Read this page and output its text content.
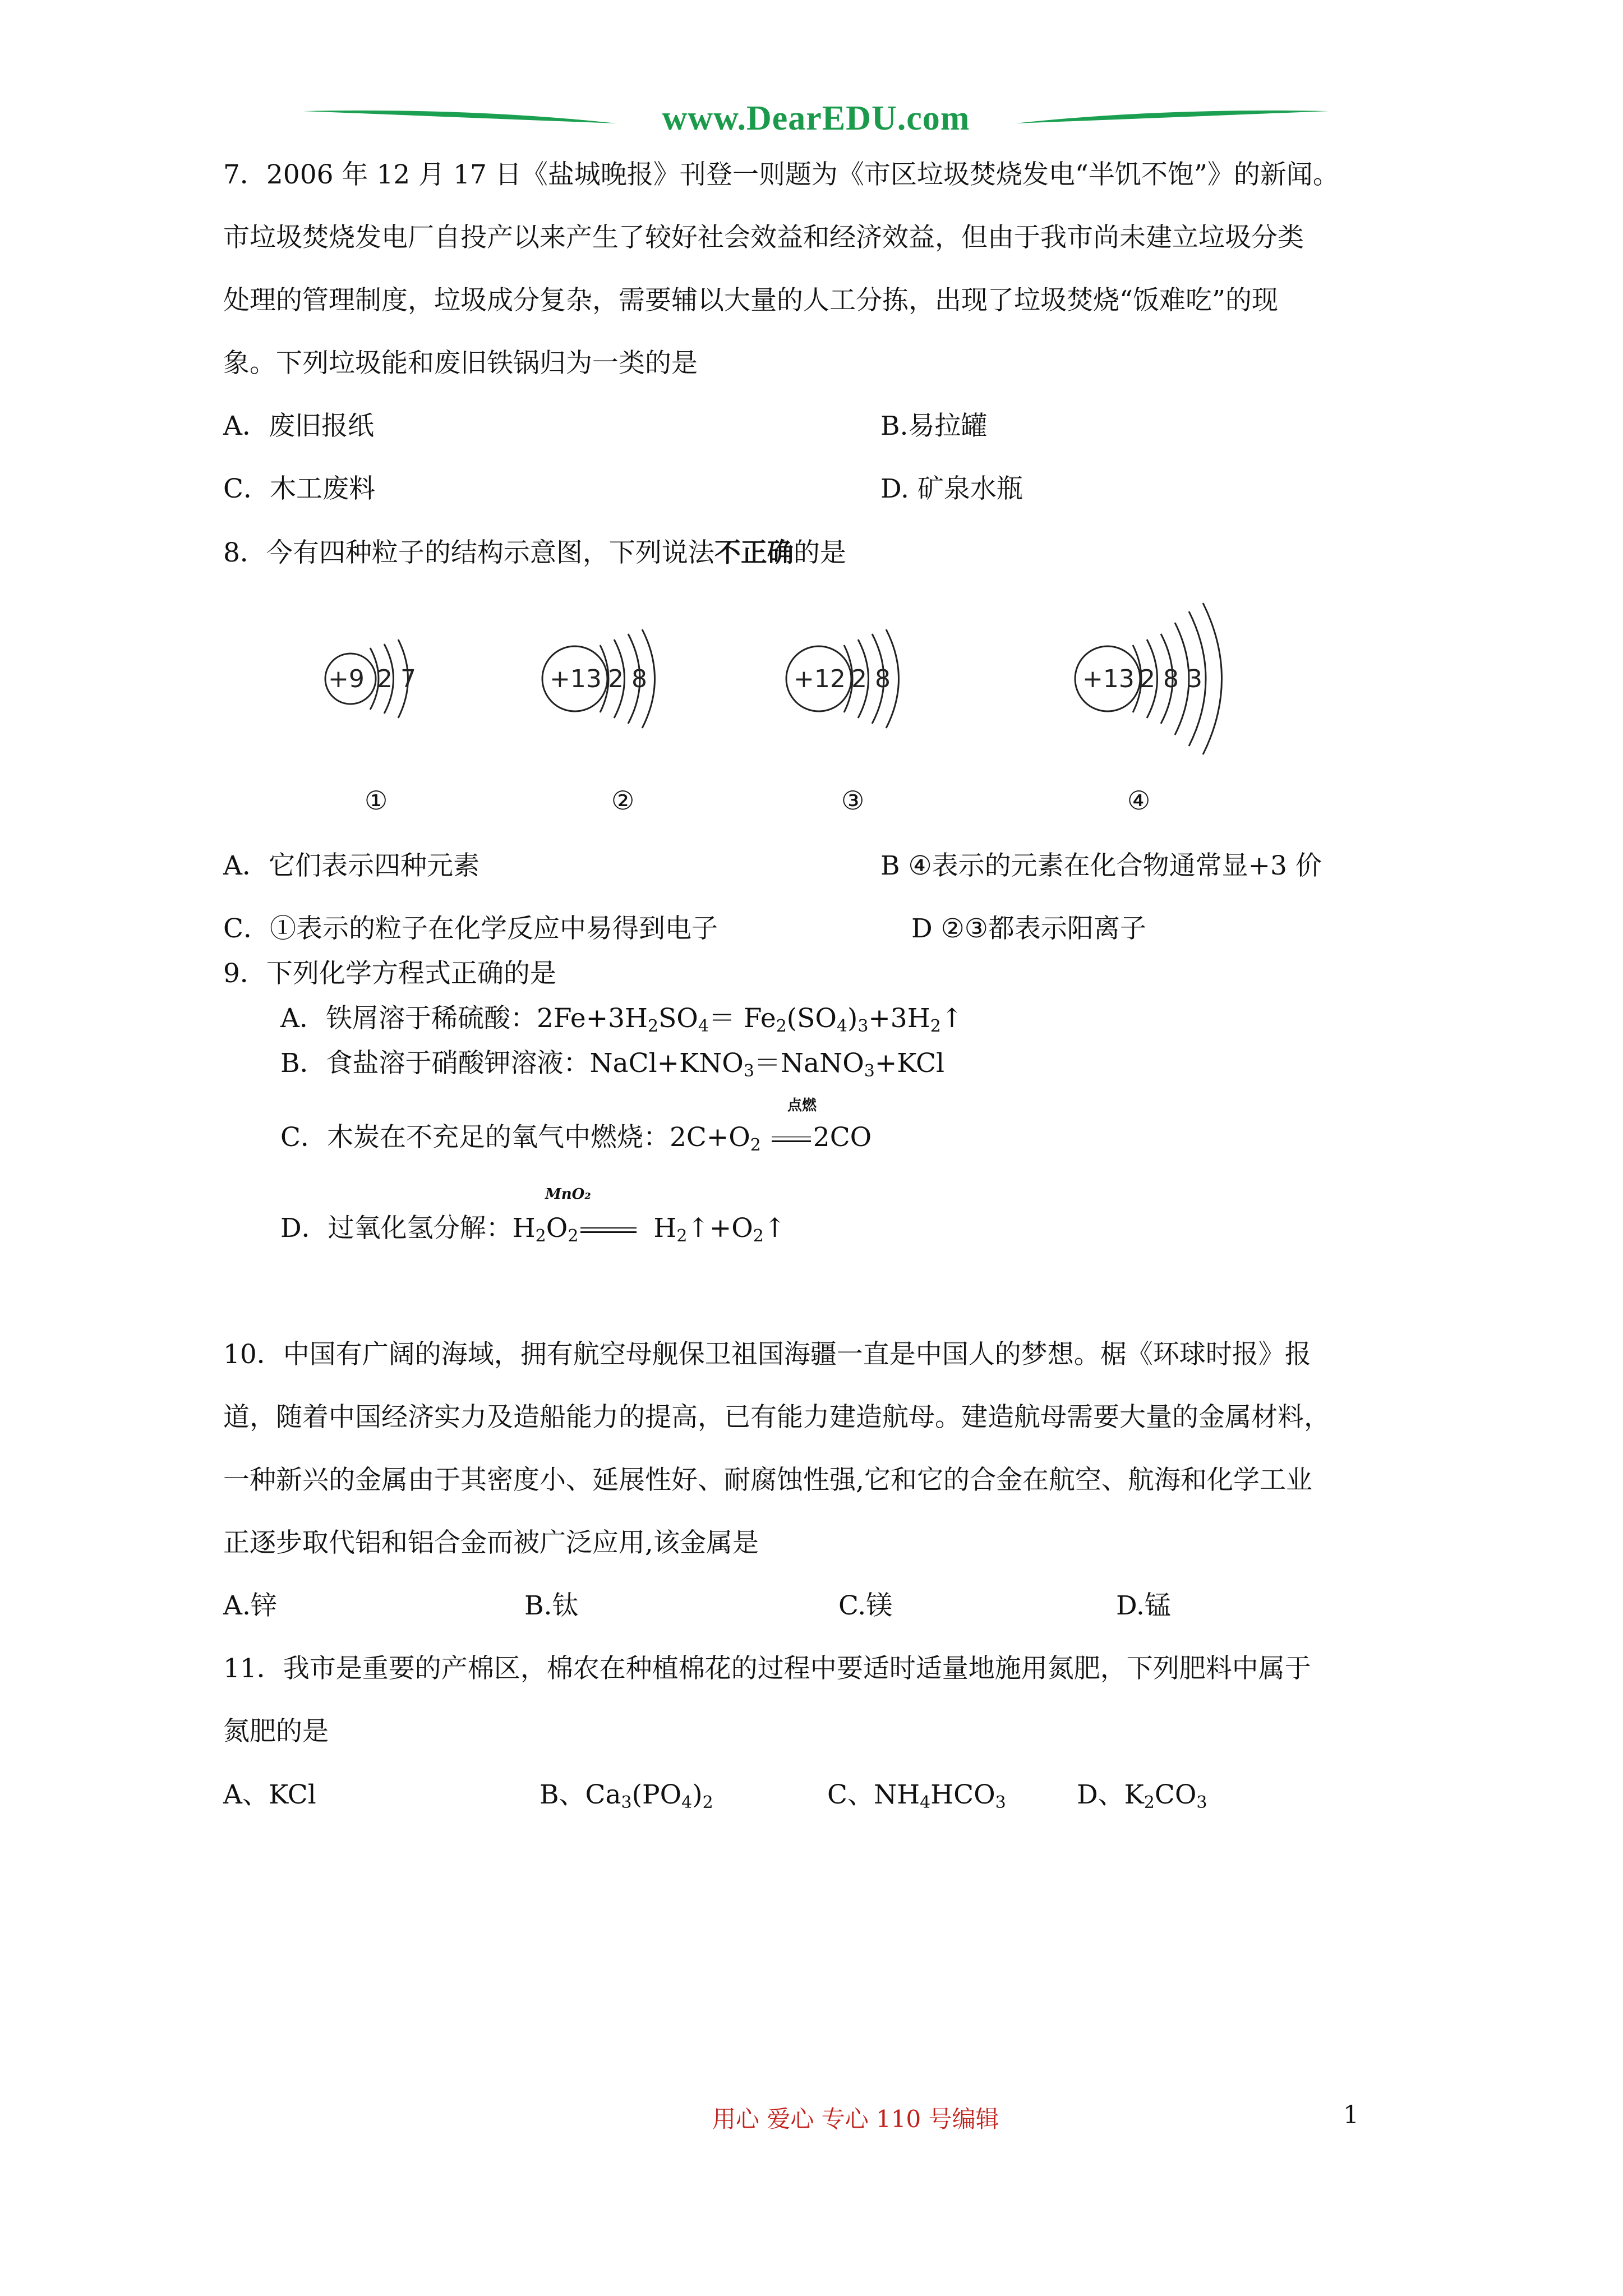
www.DearEDU.com
7．2006 年 12 月 17 日《盐城晚报》刊登一则题为《市区垃圾焚烧发电“半饥不饱”》的新闻。
市垃圾焚烧发电厂自投产以来产生了较好社会效益和经济效益，但由于我市尚未建立垃圾分类
处理的管理制度，垃圾成分复杂，需要辅以大量的人工分拣，出现了垃圾焚烧“饭难吃”的现
象。下列垃圾能和废旧铁锅归为一类的是
A．废旧报纸	B.易拉罐
C．木工废料	D. 矿泉水瓶
8．今有四种粒子的结构示意图，下列说法不正确的是
+9 2 7	+13 2 8	+12 2 8	+13 2 8 3
①	②	③	④
A．它们表示四种元素	B ④表示的元素在化合物通常显+3 价
C．①表示的粒子在化学反应中易得到电子	D ②③都表示阳离子
9．下列化学方程式正确的是
A．铁屑溶于稀硫酸：$2Fe+3H_2SO_4=$ $Fe_2(SO_4)_3+3H_2↑$
B．食盐溶于硝酸钾溶液：$NaCl+KNO_3=NaNO_3+KCl$
点燃
C．木炭在不充足的氧气中燃烧：$2C+O_2$ 2CO
MnO₂
D．过氧化氢分解：$H_2O_2$	$H_2↑+O_2↑$
10．中国有广阔的海域，拥有航空母舰保卫祖国海疆一直是中国人的梦想。椐《环球时报》报
道，随着中国经济实力及造船能力的提高，已有能力建造航母。建造航母需要大量的金属材料，
一种新兴的金属由于其密度小、延展性好、耐腐蚀性强,它和它的合金在航空、航海和化学工业
正逐步取代铝和铝合金而被广泛应用,该金属是
A.锌	B.钛	C.镁	D.锰
11．我市是重要的产棉区，棉农在种植棉花的过程中要适时适量地施用氮肥，下列肥料中属于
氮肥的是
A、KCl	B、$Ca_3(PO_4)_2$	C、$NH_4HCO_3$	D、$K_2CO_3$
用心 爱心 专心 110 号编辑	1
